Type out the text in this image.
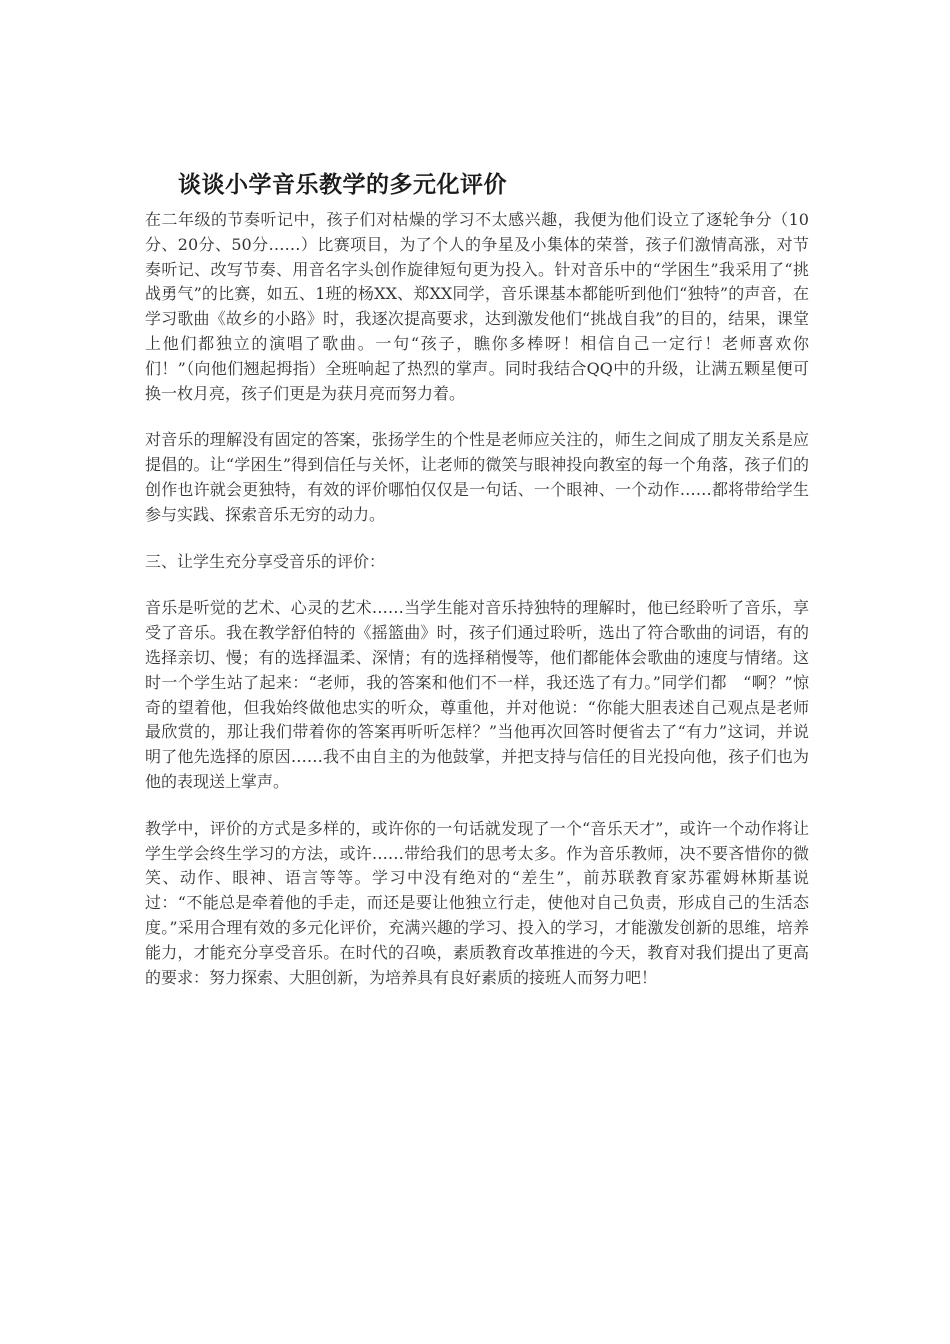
谈谈小学音乐教学的多元化评价

在二年级的节奏听记中，孩子们对枯燥的学习不太感兴趣，我便为他们设立了逐轮争分（10分、20分、50分……）比赛项目，为了个人的争星及小集体的荣誉，孩子们激情高涨，对节奏听记、改写节奏、用音名字头创作旋律短句更为投入。针对音乐中的“学困生”我采用了“挑战勇气”的比赛，如五、1班的杨XX、郑XX同学，音乐课基本都能听到他们“独特”的声音，在学习歌曲《故乡的小路》时，我逐次提高要求，达到激发他们“挑战自我”的目的，结果，课堂上他们都独立的演唱了歌曲。一句“孩子，瞧你多棒呀！相信自己一定行！老师喜欢你们！”（向他们翘起拇指）全班响起了热烈的掌声。同时我结合QQ中的升级，让满五颗星便可换一枚月亮，孩子们更是为获月亮而努力着。

对音乐的理解没有固定的答案，张扬学生的个性是老师应关注的，师生之间成了朋友关系是应提倡的。让“学困生”得到信任与关怀，让老师的微笑与眼神投向教室的每一个角落，孩子们的创作也许就会更独特，有效的评价哪怕仅仅是一句话、一个眼神、一个动作……都将带给学生参与实践、探索音乐无穷的动力。

三、让学生充分享受音乐的评价：

音乐是听觉的艺术、心灵的艺术……当学生能对音乐持独特的理解时，他已经聆听了音乐，享受了音乐。我在教学舒伯特的《摇篮曲》时，孩子们通过聆听，选出了符合歌曲的词语，有的选择亲切、慢；有的选择温柔、深情；有的选择稍慢等，他们都能体会歌曲的速度与情绪。这时一个学生站了起来：“老师，我的答案和他们不一样，我还选了有力。”同学们都　“啊？”惊奇的望着他，但我始终做他忠实的听众，尊重他，并对他说：“你能大胆表述自己观点是老师最欣赏的，那让我们带着你的答案再听听怎样？”当他再次回答时便省去了“有力”这词，并说明了他先选择的原因……我不由自主的为他鼓掌，并把支持与信任的目光投向他，孩子们也为他的表现送上掌声。

教学中，评价的方式是多样的，或许你的一句话就发现了一个“音乐天才”，或许一个动作将让学生学会终生学习的方法，或许……带给我们的思考太多。作为音乐教师，决不要吝惜你的微笑、动作、眼神、语言等等。学习中没有绝对的“差生”，前苏联教育家苏霍姆林斯基说过：“不能总是牵着他的手走，而还是要让他独立行走，使他对自己负责，形成自己的生活态度。”采用合理有效的多元化评价，充满兴趣的学习、投入的学习，才能激发创新的思维，培养能力，才能充分享受音乐。在时代的召唤，素质教育改革推进的今天，教育对我们提出了更高的要求：努力探索、大胆创新，为培养具有良好素质的接班人而努力吧！
